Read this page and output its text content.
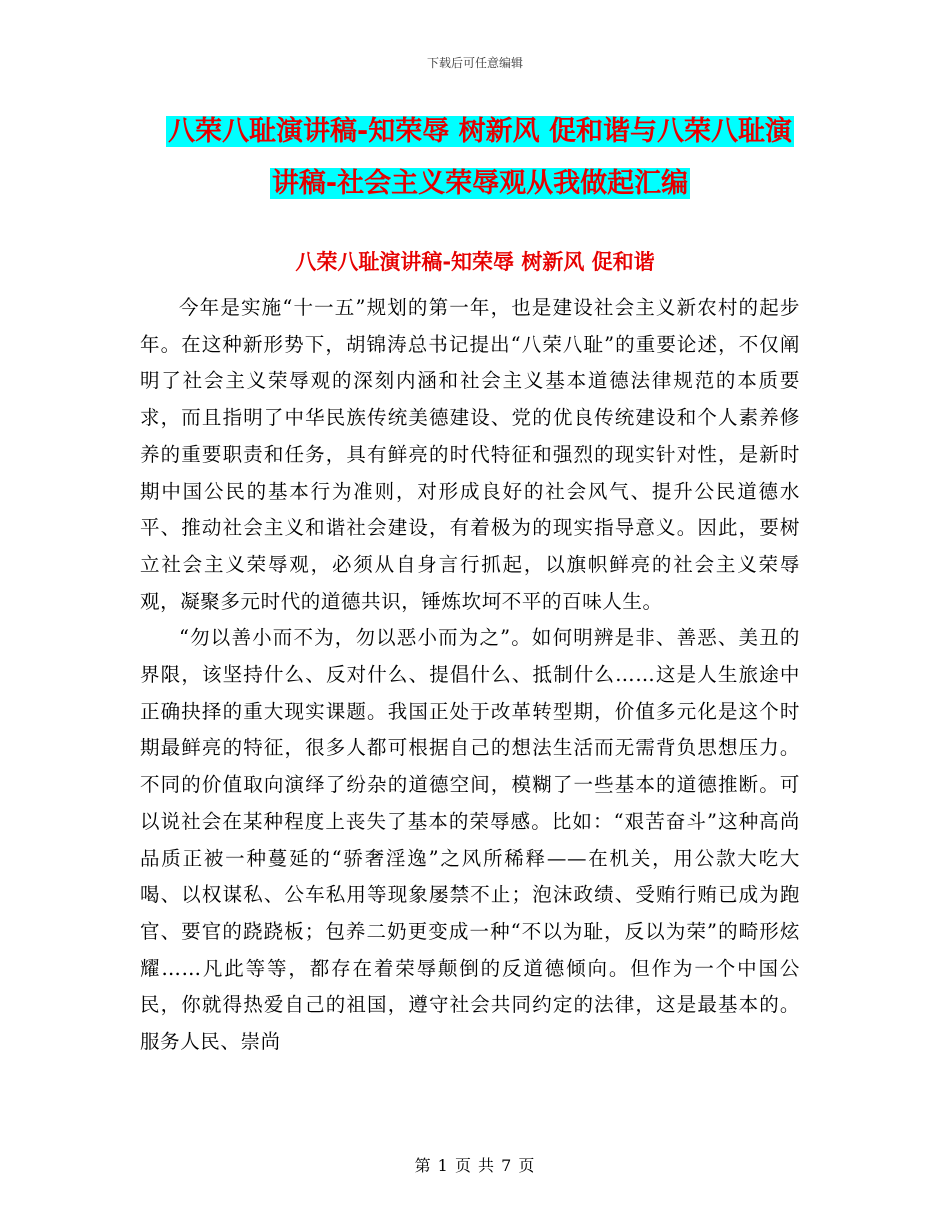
下载后可任意编辑
八荣八耻演讲稿-知荣辱 树新风 促和谐与八荣八耻演
讲稿-社会主义荣辱观从我做起汇编
八荣八耻演讲稿-知荣辱 树新风 促和谐

今年是实施“十一五”规划的第一年，也是建设社会主义新农村的起步年。在这种新形势下，胡锦涛总书记提出“八荣八耻”的重要论述，不仅阐明了社会主义荣辱观的深刻内涵和社会主义基本道德法律规范的本质要求，而且指明了中华民族传统美德建设、党的优良传统建设和个人素养修养的重要职责和任务，具有鲜亮的时代特征和强烈的现实针对性，是新时期中国公民的基本行为准则，对形成良好的社会风气、提升公民道德水平、推动社会主义和谐社会建设，有着极为的现实指导意义。因此，要树立社会主义荣辱观，必须从自身言行抓起，以旗帜鲜亮的社会主义荣辱观，凝聚多元时代的道德共识，锤炼坎坷不平的百味人生。

“勿以善小而不为，勿以恶小而为之”。如何明辨是非、善恶、美丑的界限，该坚持什么、反对什么、提倡什么、抵制什么……这是人生旅途中正确抉择的重大现实课题。我国正处于改革转型期，价值多元化是这个时期最鲜亮的特征，很多人都可根据自己的想法生活而无需背负思想压力。不同的价值取向演绎了纷杂的道德空间，模糊了一些基本的道德推断。可以说社会在某种程度上丧失了基本的荣辱感。比如：“艰苦奋斗”这种高尚品质正被一种蔓延的“骄奢淫逸”之风所稀释——在机关，用公款大吃大喝、以权谋私、公车私用等现象屡禁不止；泡沫政绩、受贿行贿已成为跑官、要官的跷跷板；包养二奶更变成一种“不以为耻，反以为荣”的畸形炫耀……凡此等等，都存在着荣辱颠倒的反道德倾向。但作为一个中国公民，你就得热爱自己的祖国，遵守社会共同约定的法律，这是最基本的。服务人民、崇尚

第 1 页 共 7 页
